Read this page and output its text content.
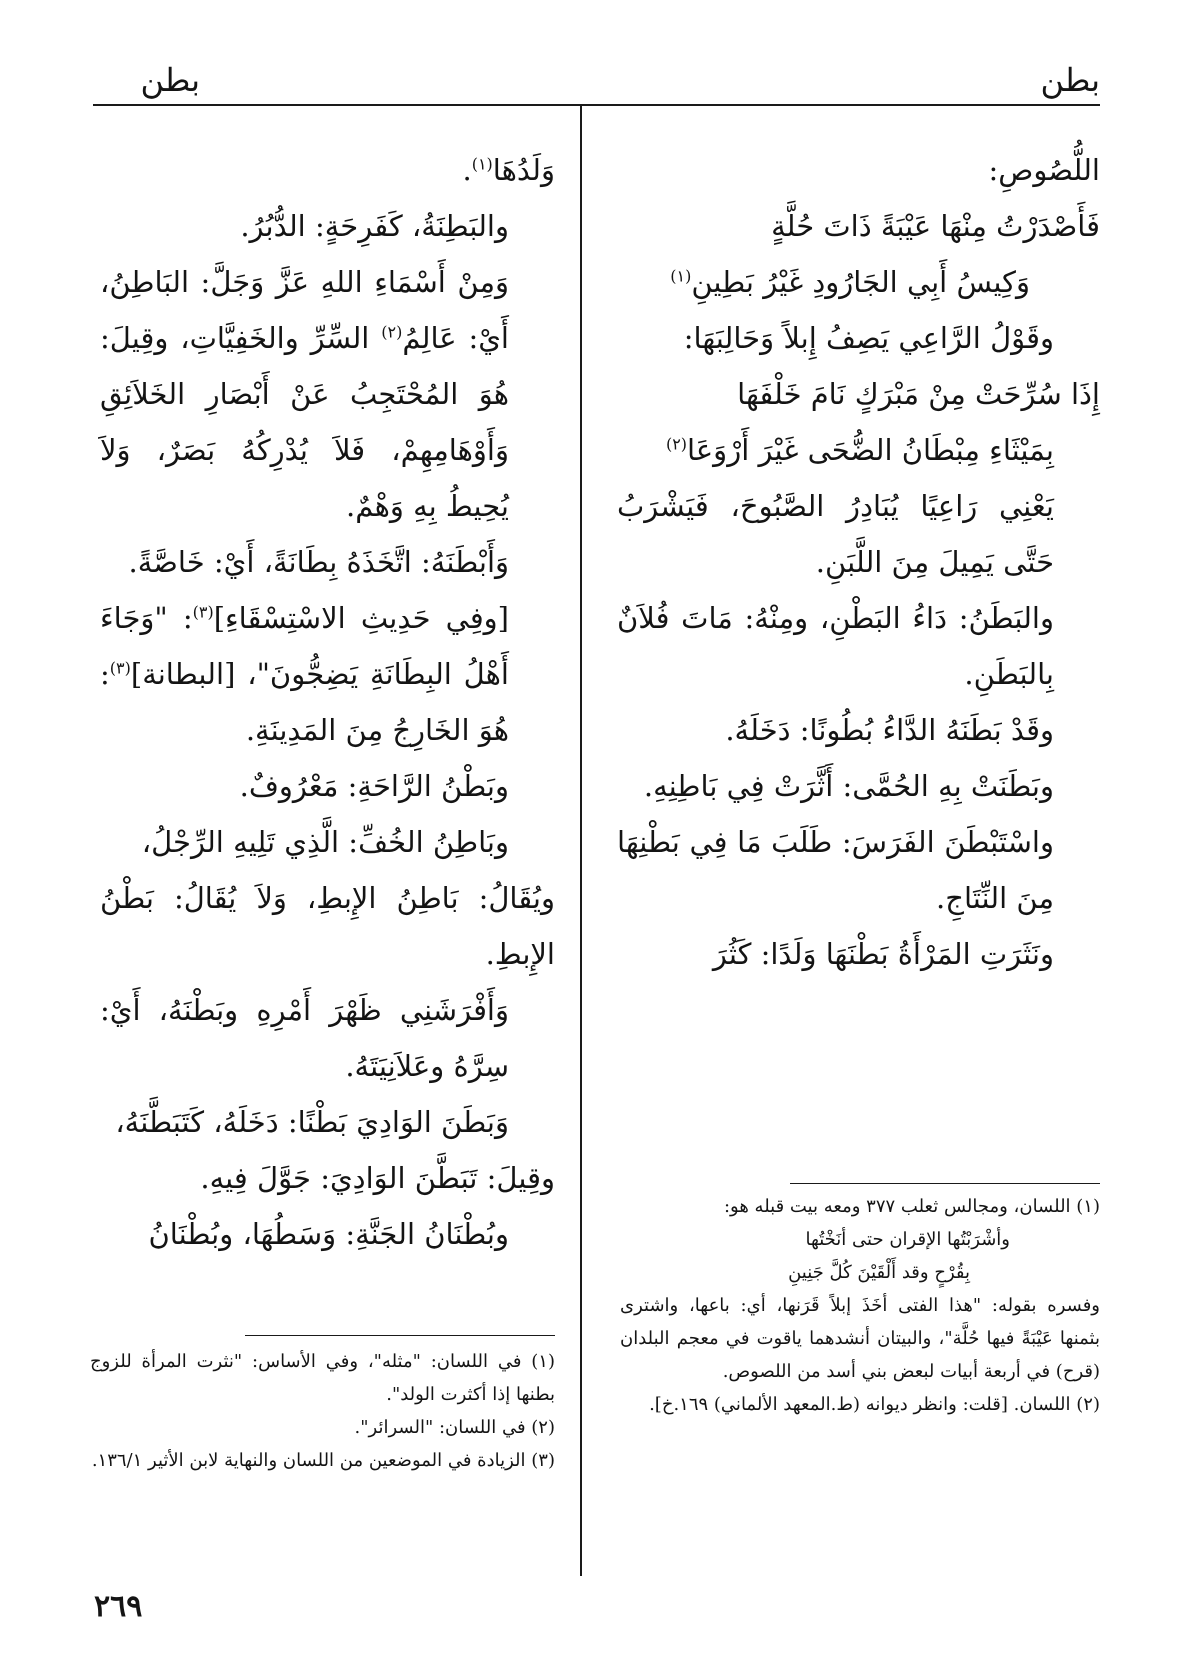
بطن
بطن

اللُّصُوصِ:

فَأَصْدَرْتُ مِنْهَا عَيْبَةً ذَاتَ حُلَّةٍ

وَكِيسُ أَبِي الجَارُودِ غَيْرُ بَطِينِ$^{(١)}$

وقَوْلُ الرَّاعِي يَصِفُ إِبلاً وَحَالِبَهَا:

إِذَا سُرِّحَتْ مِنْ مَبْرَكٍ نَامَ خَلْفَهَا

بِمَيْثَاءِ مِبْطَانُ الضُّحَى غَيْرَ أَرْوَعَا$^{(٢)}$

يَعْنِي رَاعِيًا يُبَادِرُ الصَّبُوحَ، فَيَشْرَبُ حَتَّى يَمِيلَ مِنَ اللَّبَنِ.

والبَطَنُ: دَاءُ البَطْنِ، ومِنْهُ: مَاتَ فُلاَنٌ بِالبَطَنِ.

وقَدْ بَطَنَهُ الدَّاءُ بُطُونًا: دَخَلَهُ.

وبَطَنَتْ بِهِ الحُمَّى: أَثَّرَتْ فِي بَاطِنِهِ.

واسْتَبْطَنَ الفَرَسَ: طَلَبَ مَا فِي بَطْنِهَا مِنَ النِّتَاجِ.

ونَثَرَتِ المَرْأَةُ بَطْنَهَا وَلَدًا: كَثُرَ

وَلَدُهَا$^{(١)}$.

والبَطِنَةُ، كَفَرِحَةٍ: الدُّبُرُ.

وَمِنْ أَسْمَاءِ اللهِ عَزَّ وَجَلَّ: البَاطِنُ، أَيْ: عَالِمُ$^{(٢)}$ السِّرِّ والخَفِيَّاتِ، وقِيلَ: هُوَ المُحْتَجِبُ عَنْ أَبْصَارِ الخَلاَئِقِ وَأَوْهَامِهِمْ، فَلاَ يُدْرِكُهُ بَصَرٌ، وَلاَ يُحِيطُ بِهِ وَهْمٌ.

وَأَبْطَنَهُ: اتَّخَذَهُ بِطَانَةً، أَيْ: خَاصَّةً.

[وفِي حَدِيثِ الاسْتِسْقَاءِ]$^{(٣)}$: "وَجَاءَ أَهْلُ البِطَانَةِ يَضِجُّونَ"، [البطانة]$^{(٣)}$: هُوَ الخَارِجُ مِنَ المَدِينَةِ.

وبَطْنُ الرَّاحَةِ: مَعْرُوفٌ.

وبَاطِنُ الخُفِّ: الَّذِي تَلِيهِ الرِّجْلُ،

ويُقَالُ: بَاطِنُ الإِبطِ، وَلاَ يُقَالُ: بَطْنُ الإِبطِ.

وَأَفْرَشَنِي ظَهْرَ أَمْرِهِ وبَطْنَهُ، أَيْ: سِرَّهُ وعَلاَنِيَتَهُ.

وَبَطَنَ الوَادِيَ بَطْنًا: دَخَلَهُ، كَتَبَطَّنَهُ،

وقِيلَ: تَبَطَّنَ الوَادِيَ: جَوَّلَ فِيهِ.

وبُطْنَانُ الجَنَّةِ: وَسَطُهَا، وبُطْنَانُ

(١) اللسان، ومجالس ثعلب ٣٧٧ ومعه بيت قبله هو:

وأشْرَبْتُها الإقران حتى أنَخْتُها

بِقُرْحٍ وقد أَلْقَيْنَ كُلَّ جَنِينِ

وفسره بقوله: "هذا الفتى أخَذَ إبلاً قَرَنها، أي: باعها، واشترى بثمنها عَيْبَةً فيها حُلَّة"، والبيتان أنشدهما ياقوت في معجم البلدان (قرح) في أربعة أبيات لبعض بني أسد من اللصوص.

(٢) اللسان. [قلت: وانظر ديوانه (ط.المعهد الألماني) ١٦٩.خ].

(١) في اللسان: "مثله"، وفي الأساس: "نثرت المرأة للزوج بطنها إذا أكثرت الولد".

(٢) في اللسان: "السرائر".

(٣) الزيادة في الموضعين من اللسان والنهاية لابن الأثير ١٣٦/١.

٢٦٩
